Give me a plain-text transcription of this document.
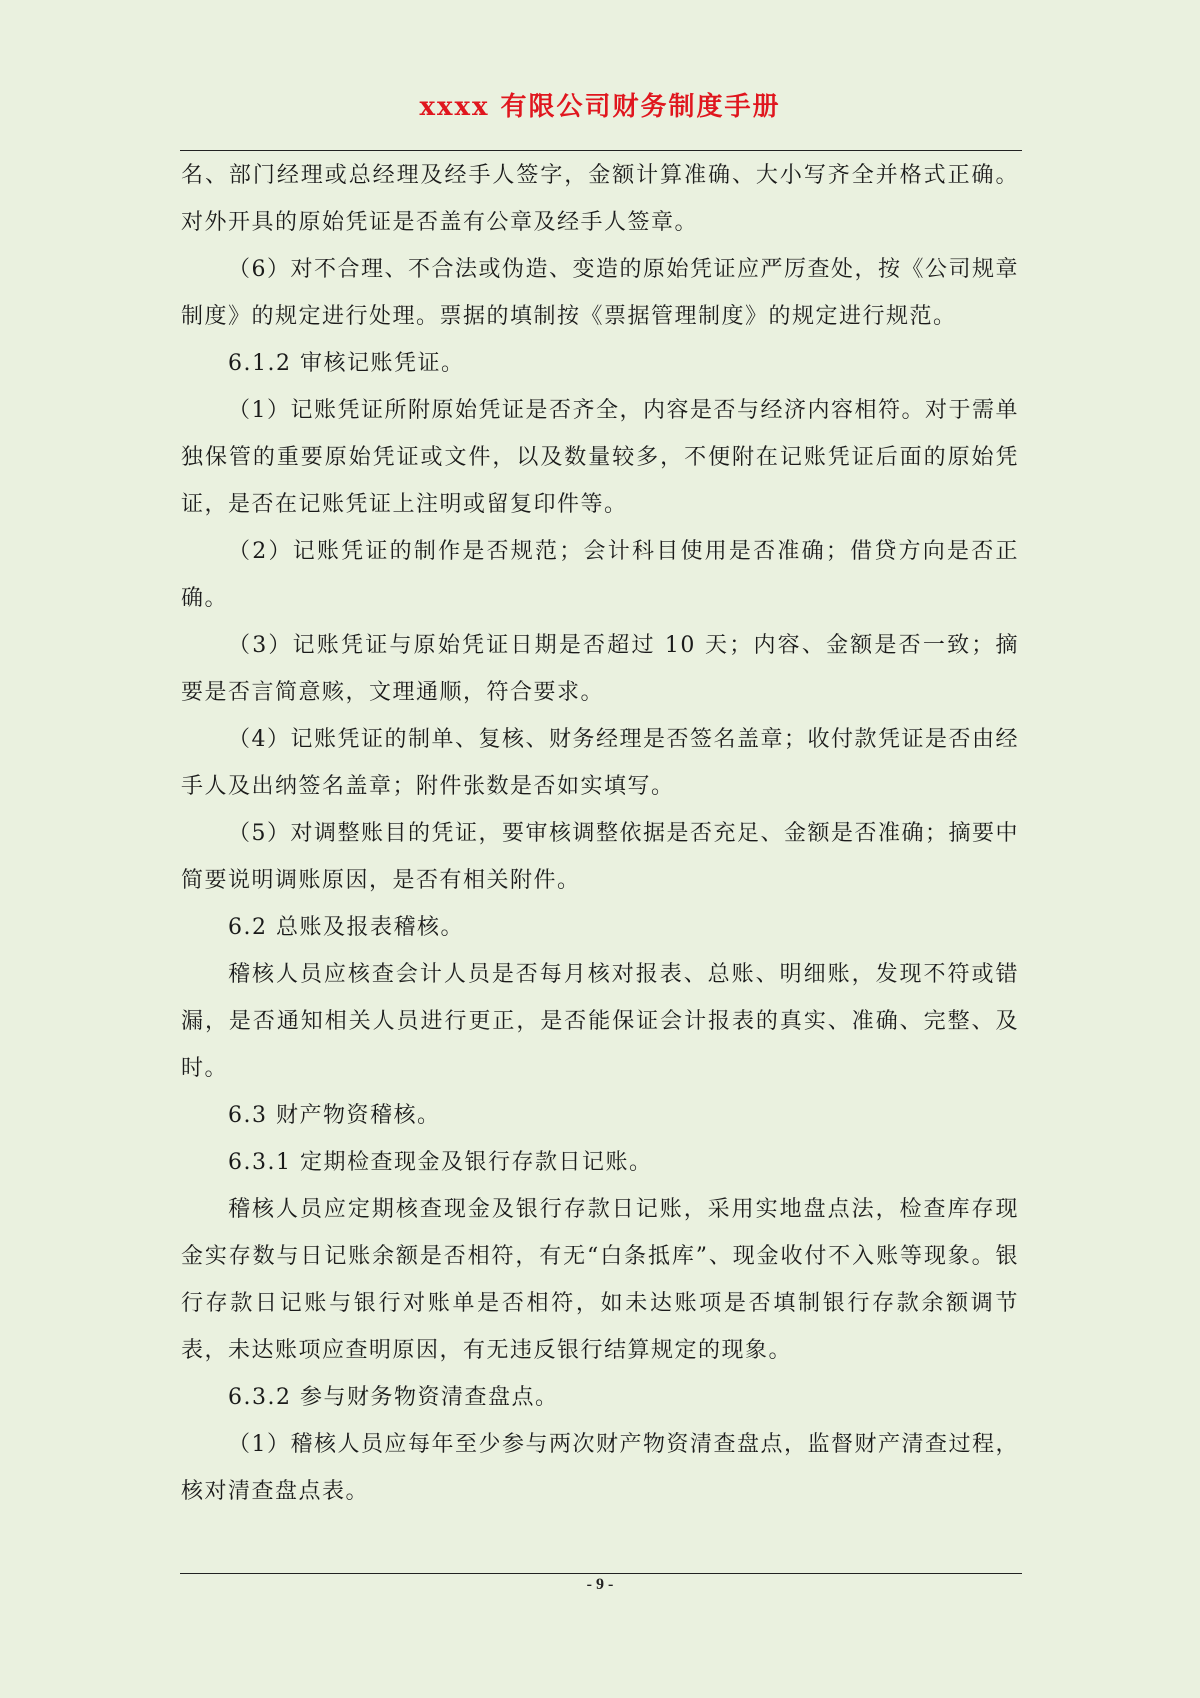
xxxx 有限公司财务制度手册

名、部门经理或总经理及经手人签字，金额计算准确、大小写齐全并格式正确。对外开具的原始凭证是否盖有公章及经手人签章。

（6）对不合理、不合法或伪造、变造的原始凭证应严厉查处，按《公司规章制度》的规定进行处理。票据的填制按《票据管理制度》的规定进行规范。

6.1.2 审核记账凭证。

（1）记账凭证所附原始凭证是否齐全，内容是否与经济内容相符。对于需单独保管的重要原始凭证或文件，以及数量较多，不便附在记账凭证后面的原始凭证，是否在记账凭证上注明或留复印件等。

（2）记账凭证的制作是否规范；会计科目使用是否准确；借贷方向是否正确。

（3）记账凭证与原始凭证日期是否超过 10 天；内容、金额是否一致；摘要是否言简意赅，文理通顺，符合要求。

（4）记账凭证的制单、复核、财务经理是否签名盖章；收付款凭证是否由经手人及出纳签名盖章；附件张数是否如实填写。

（5）对调整账目的凭证，要审核调整依据是否充足、金额是否准确；摘要中简要说明调账原因，是否有相关附件。

6.2 总账及报表稽核。

稽核人员应核查会计人员是否每月核对报表、总账、明细账，发现不符或错漏，是否通知相关人员进行更正，是否能保证会计报表的真实、准确、完整、及时。

6.3 财产物资稽核。

6.3.1 定期检查现金及银行存款日记账。

稽核人员应定期核查现金及银行存款日记账，采用实地盘点法，检查库存现金实存数与日记账余额是否相符，有无“白条抵库”、现金收付不入账等现象。银行存款日记账与银行对账单是否相符，如未达账项是否填制银行存款余额调节表，未达账项应查明原因，有无违反银行结算规定的现象。

6.3.2 参与财务物资清查盘点。

（1）稽核人员应每年至少参与两次财产物资清查盘点，监督财产清查过程，核对清查盘点表。

- 9 -
